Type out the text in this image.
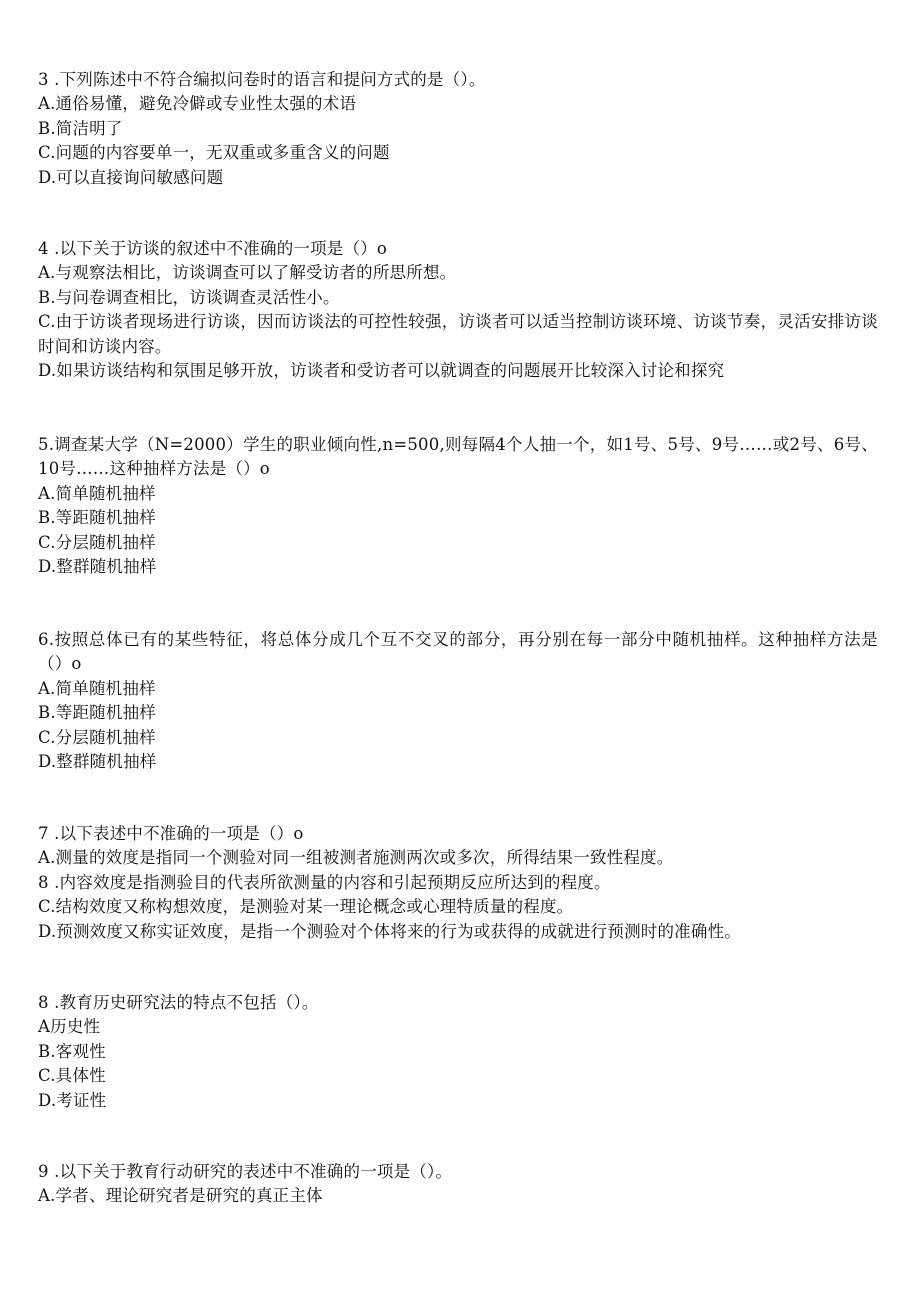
3 .下列陈述中不符合编拟问卷时的语言和提问方式的是（）。
A.通俗易懂，避免冷僻或专业性太强的术语
B.简洁明了
C.问题的内容要单一，无双重或多重含义的问题
D.可以直接询问敏感问题
4 .以下关于访谈的叙述中不准确的一项是（）o
A.与观察法相比，访谈调查可以了解受访者的所思所想。
B.与问卷调查相比，访谈调查灵活性小。
C.由于访谈者现场进行访谈，因而访谈法的可控性较强，访谈者可以适当控制访谈环境、访谈节奏，灵活安排访谈时间和访谈内容。
D.如果访谈结构和氛围足够开放，访谈者和受访者可以就调查的问题展开比较深入讨论和探究
5.调查某大学（N=2000）学生的职业倾向性,n=500,则每隔4个人抽一个，如1号、5号、9号……或2号、6号、10号……这种抽样方法是（）o
A.简单随机抽样
B.等距随机抽样
C.分层随机抽样
D.整群随机抽样
6.按照总体已有的某些特征，将总体分成几个互不交叉的部分，再分别在每一部分中随机抽样。这种抽样方法是（）o
A.简单随机抽样
B.等距随机抽样
C.分层随机抽样
D.整群随机抽样
7 .以下表述中不准确的一项是（）o
A.测量的效度是指同一个测验对同一组被测者施测两次或多次，所得结果一致性程度。
8 .内容效度是指测验目的代表所欲测量的内容和引起预期反应所达到的程度。
C.结构效度又称构想效度，是测验对某一理论概念或心理特质量的程度。
D.预测效度又称实证效度，是指一个测验对个体将来的行为或获得的成就进行预测时的准确性。
8 .教育历史研究法的特点不包括（）。
A历史性
B.客观性
C.具体性
D.考证性
9 .以下关于教育行动研究的表述中不准确的一项是（）。
A.学者、理论研究者是研究的真正主体
